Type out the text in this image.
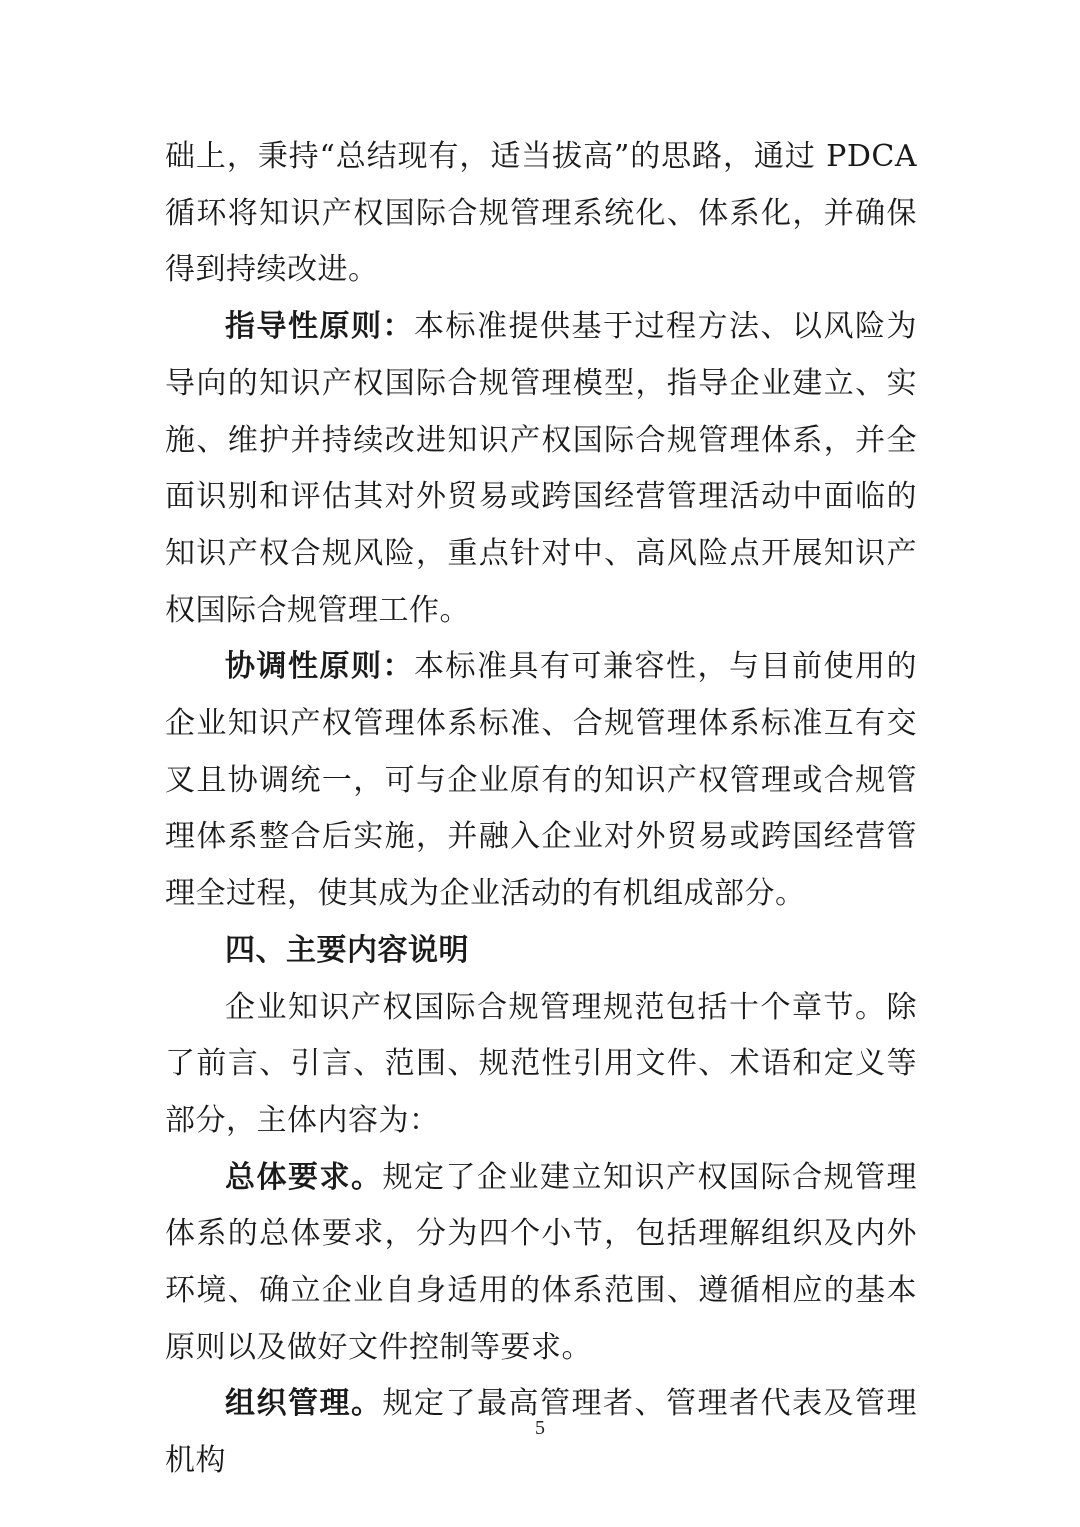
础上，秉持“总结现有，适当拔高”的思路，通过 PDCA 循环将知识产权国际合规管理系统化、体系化，并确保得到持续改进。

指导性原则：本标准提供基于过程方法、以风险为导向的知识产权国际合规管理模型，指导企业建立、实施、维护并持续改进知识产权国际合规管理体系，并全面识别和评估其对外贸易或跨国经营管理活动中面临的知识产权合规风险，重点针对中、高风险点开展知识产权国际合规管理工作。

协调性原则：本标准具有可兼容性，与目前使用的企业知识产权管理体系标准、合规管理体系标准互有交叉且协调统一，可与企业原有的知识产权管理或合规管理体系整合后实施，并融入企业对外贸易或跨国经营管理全过程，使其成为企业活动的有机组成部分。

四、主要内容说明

企业知识产权国际合规管理规范包括十个章节。除了前言、引言、范围、规范性引用文件、术语和定义等部分，主体内容为：

总体要求。规定了企业建立知识产权国际合规管理体系的总体要求，分为四个小节，包括理解组织及内外环境、确立企业自身适用的体系范围、遵循相应的基本原则以及做好文件控制等要求。

组织管理。规定了最高管理者、管理者代表及管理机构

5
